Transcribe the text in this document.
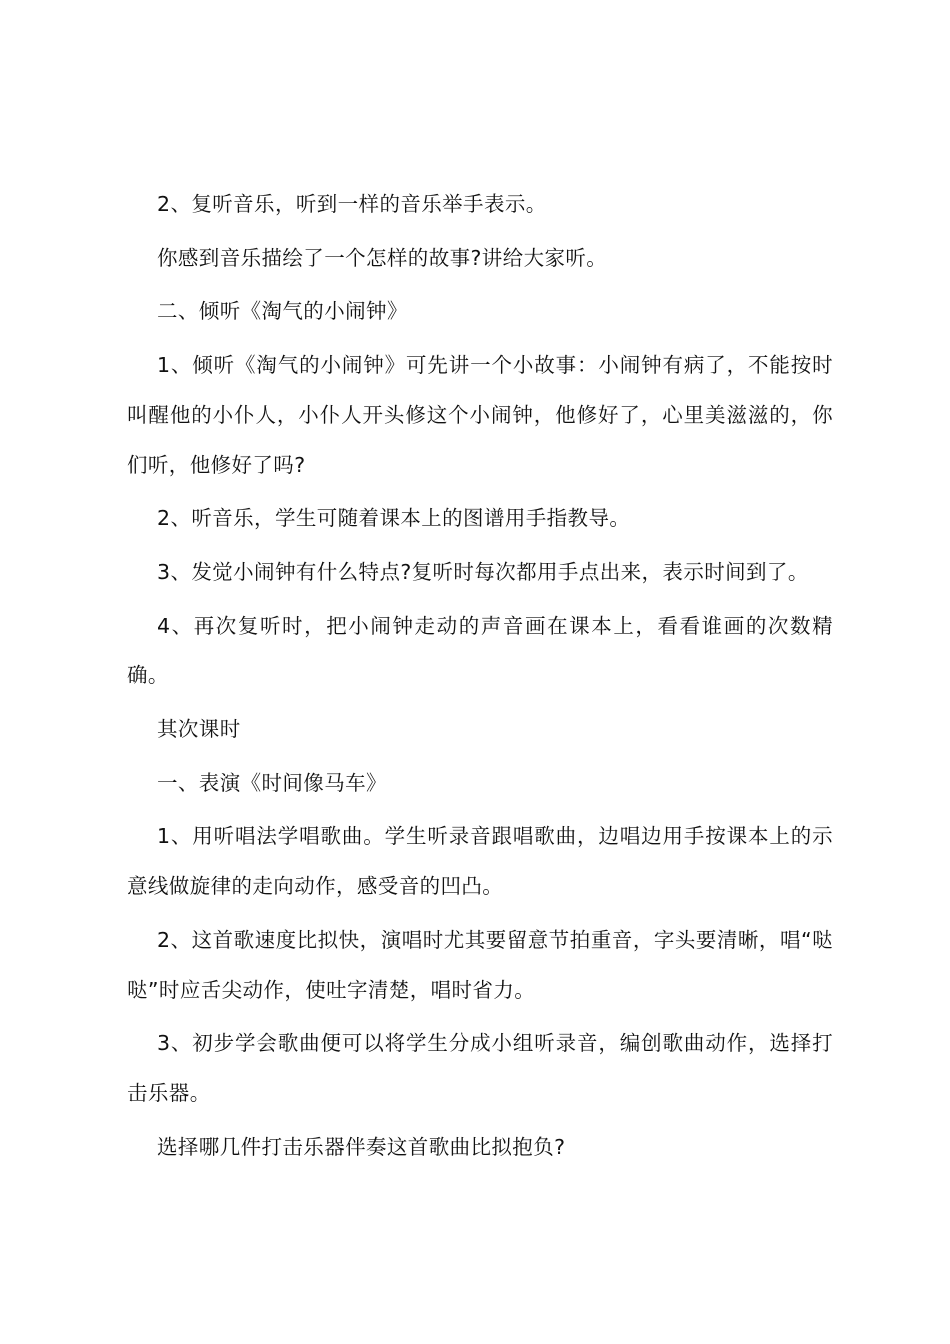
2、复听音乐，听到一样的音乐举手表示。

你感到音乐描绘了一个怎样的故事?讲给大家听。

二、倾听《淘气的小闹钟》

1、倾听《淘气的小闹钟》可先讲一个小故事：小闹钟有病了，不能按时叫醒他的小仆人，小仆人开头修这个小闹钟，他修好了，心里美滋滋的，你们听，他修好了吗?

2、听音乐，学生可随着课本上的图谱用手指教导。

3、发觉小闹钟有什么特点?复听时每次都用手点出来，表示时间到了。

4、再次复听时，把小闹钟走动的声音画在课本上，看看谁画的次数精确。

其次课时

一、表演《时间像马车》

1、用听唱法学唱歌曲。学生听录音跟唱歌曲，边唱边用手按课本上的示意线做旋律的走向动作，感受音的凹凸。

2、这首歌速度比拟快，演唱时尤其要留意节拍重音，字头要清晰，唱“哒哒”时应舌尖动作，使吐字清楚，唱时省力。

3、初步学会歌曲便可以将学生分成小组听录音，编创歌曲动作，选择打击乐器。

选择哪几件打击乐器伴奏这首歌曲比拟抱负?
